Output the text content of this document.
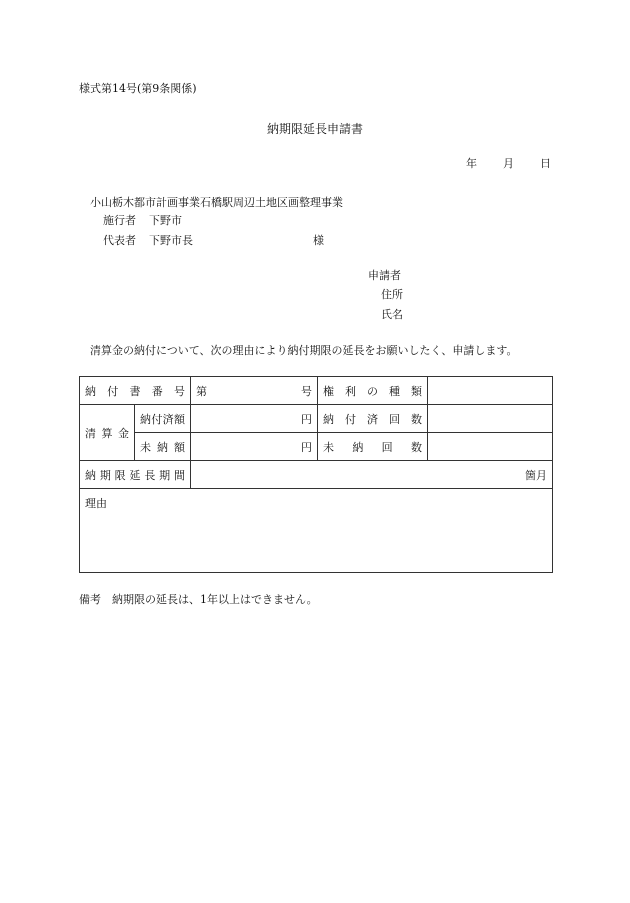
様式第14号(第9条関係)
納期限延長申請書
年 月 日
小山栃木都市計画事業石橋駅周辺土地区画整理事業
施行者 下野市
代表者 下野市長	様
申請者
住所
氏名
清算金の納付について、次の理由により納付期限の延長をお願いしたく、申請します。
納付書番号		第 号	権利の種類	

清算金	納付済額	円	納付済回数	

	未納額	円	未納回数	

納期限延長期間		箇月		
理由				
備考　納期限の延長は、1年以上はできません。
